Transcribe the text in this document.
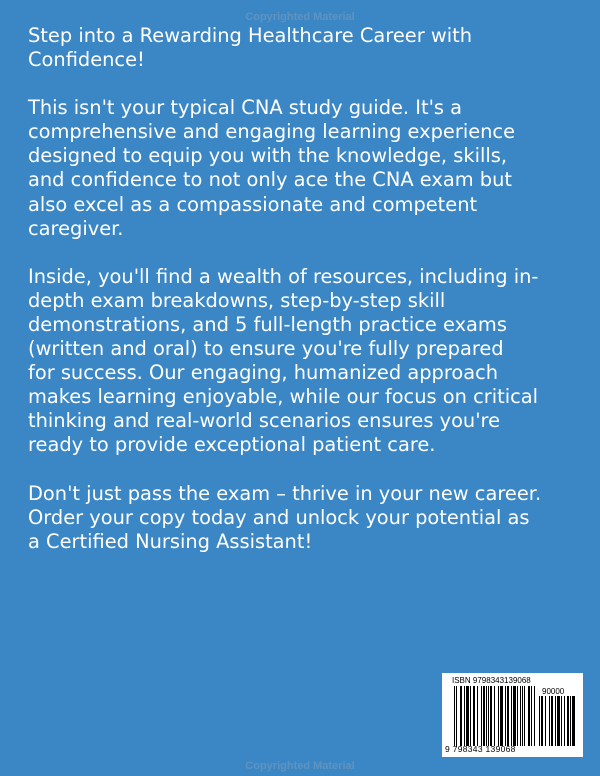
Copyrighted Material

Step into a Rewarding Healthcare Career with
Confidence!

This isn't your typical CNA study guide. It's a
comprehensive and engaging learning experience
designed to equip you with the knowledge, skills,
and confidence to not only ace the CNA exam but
also excel as a compassionate and competent
caregiver.

Inside, you'll find a wealth of resources, including in-
depth exam breakdowns, step-by-step skill
demonstrations, and 5 full-length practice exams
(written and oral) to ensure you're fully prepared
for success. Our engaging, humanized approach
makes learning enjoyable, while our focus on critical
thinking and real-world scenarios ensures you're
ready to provide exceptional patient care.

Don't just pass the exam – thrive in your new career.
Order your copy today and unlock your potential as
a Certified Nursing Assistant!

ISBN 9798343139068
90000
9 798343 139068
Copyrighted Material
